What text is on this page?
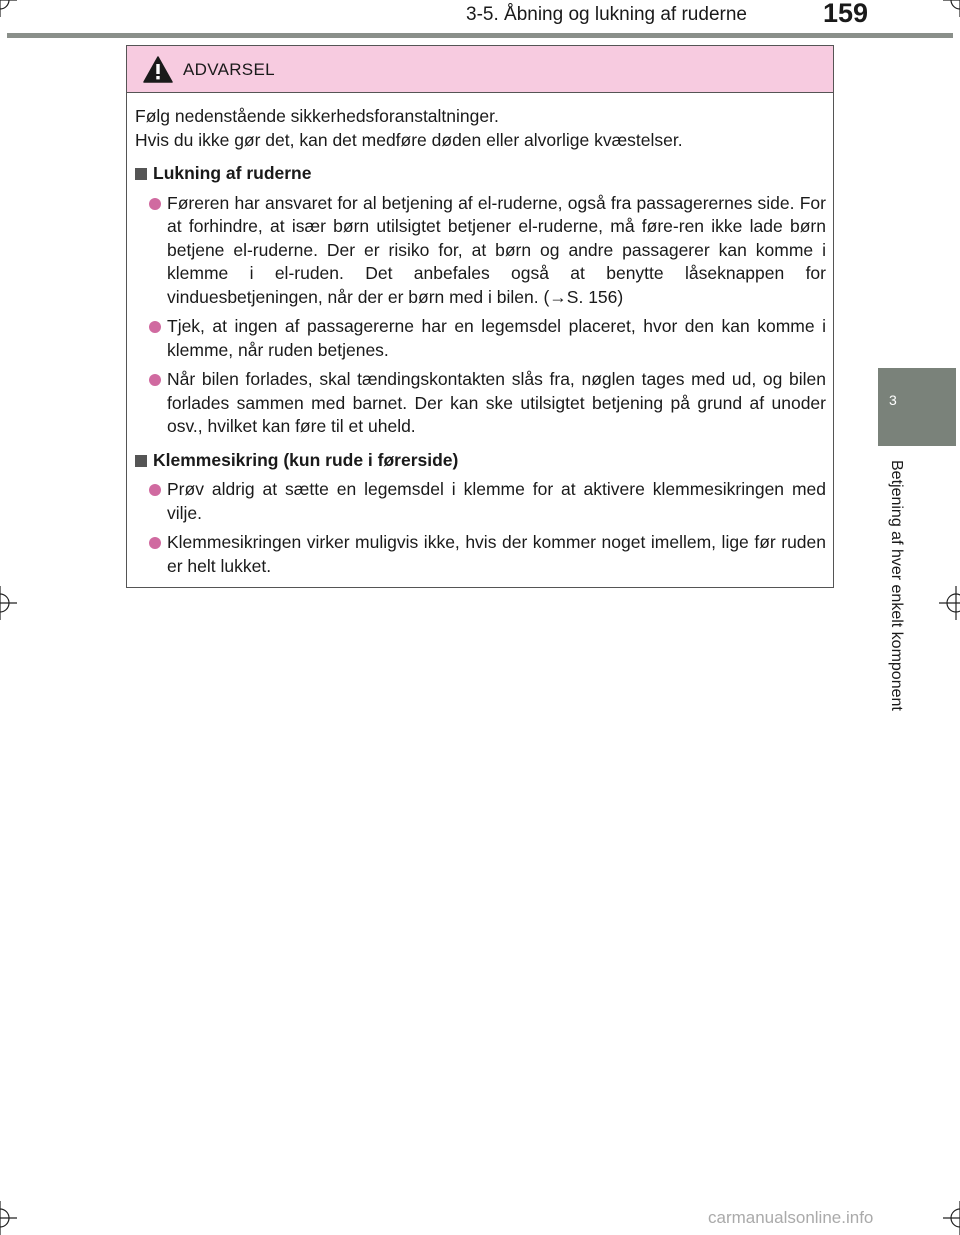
3-5. Åbning og lukning af ruderne	159
3
Betjening af hver enkelt komponent
ADVARSEL

Følg nedenstående sikkerhedsforanstaltninger.

Hvis du ikke gør det, kan det medføre døden eller alvorlige kvæstelser.

Lukning af ruderne
Føreren har ansvaret for al betjening af el-ruderne, også fra passagerernes side. For at forhindre, at især børn utilsigtet betjener el-ruderne, må føre-ren ikke lade børn betjene el-ruderne. Der er risiko for, at børn og andre passagerer kan komme i klemme i el-ruden. Det anbefales også at benytte låseknappen for vinduesbetjeningen, når der er børn med i bilen. (→S. 156)
Tjek, at ingen af passagererne har en legemsdel placeret, hvor den kan komme i klemme, når ruden betjenes.
Når bilen forlades, skal tændingskontakten slås fra, nøglen tages med ud, og bilen forlades sammen med barnet. Der kan ske utilsigtet betjening på grund af unoder osv., hvilket kan føre til et uheld.
Klemmesikring (kun rude i førerside)
Prøv aldrig at sætte en legemsdel i klemme for at aktivere klemmesikringen med vilje.
Klemmesikringen virker muligvis ikke, hvis der kommer noget imellem, lige før ruden er helt lukket.
carmanualsonline.info
